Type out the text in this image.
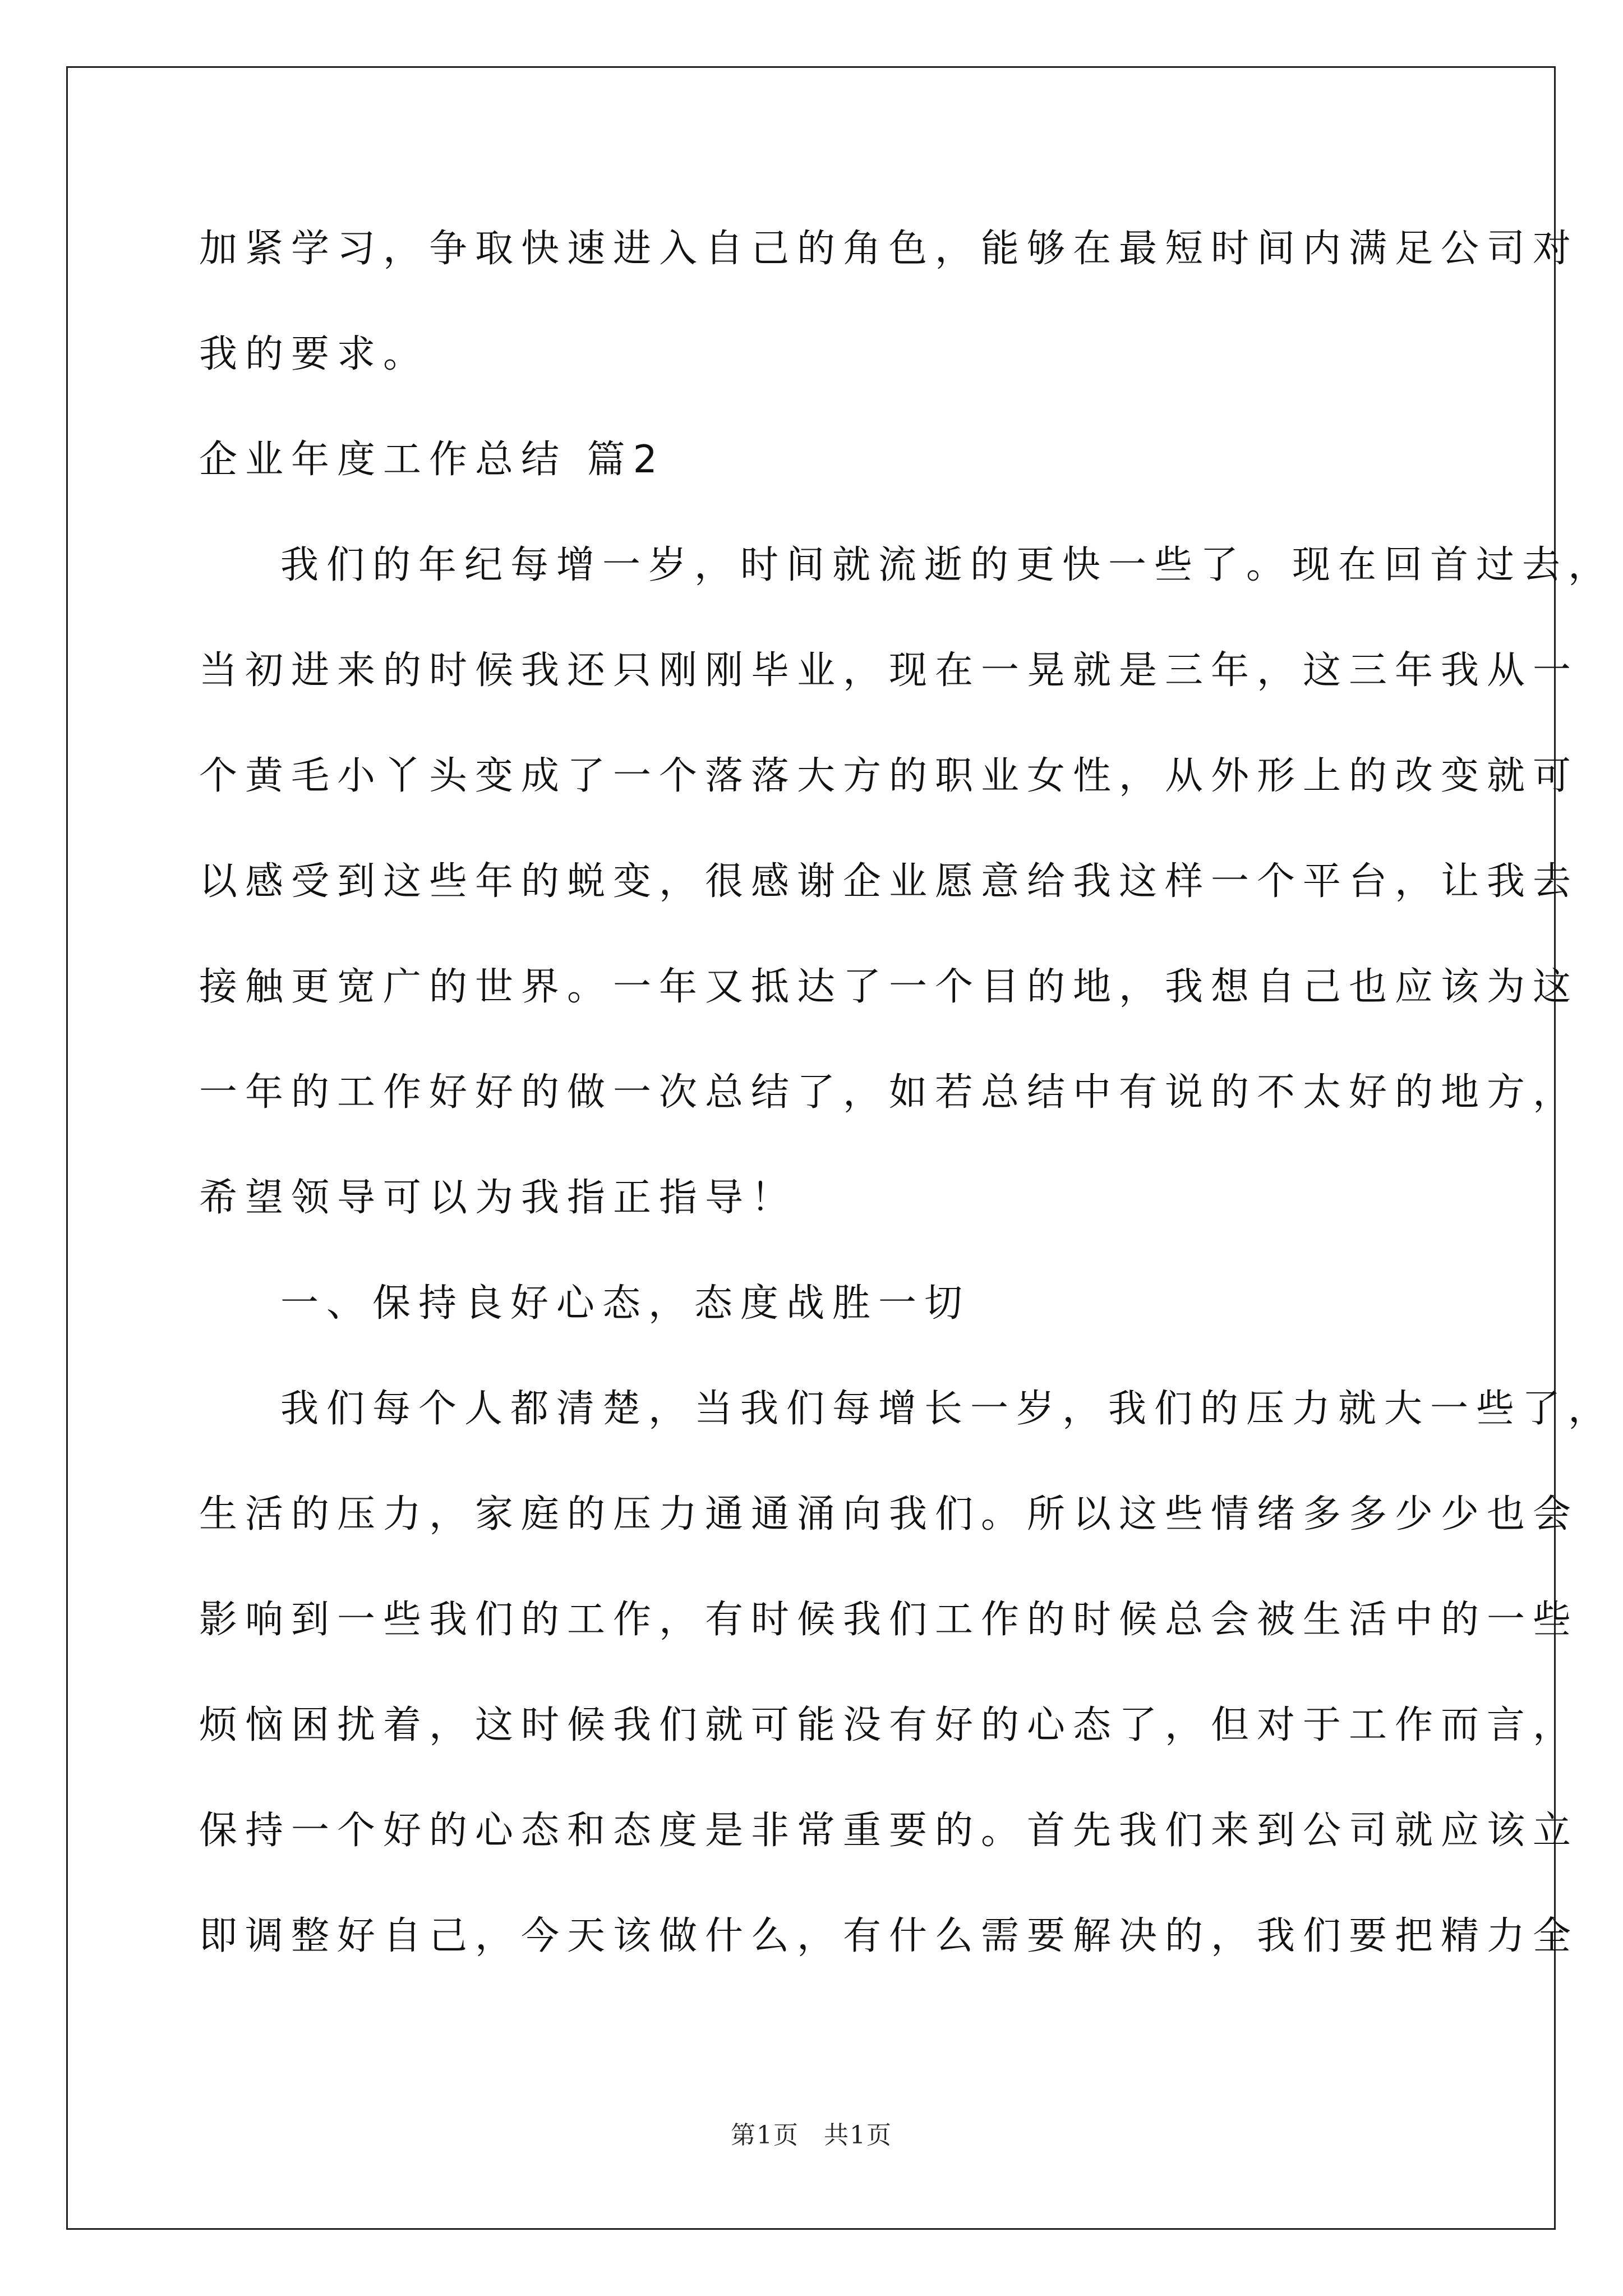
加紧学习，争取快速进入自己的角色，能够在最短时间内满足公司对
我的要求。
企业年度工作总结 篇2
我们的年纪每增一岁，时间就流逝的更快一些了。现在回首过去，
当初进来的时候我还只刚刚毕业，现在一晃就是三年，这三年我从一
个黄毛小丫头变成了一个落落大方的职业女性，从外形上的改变就可
以感受到这些年的蜕变，很感谢企业愿意给我这样一个平台，让我去
接触更宽广的世界。一年又抵达了一个目的地，我想自己也应该为这
一年的工作好好的做一次总结了，如若总结中有说的不太好的地方，
希望领导可以为我指正指导！
一、保持良好心态，态度战胜一切
我们每个人都清楚，当我们每增长一岁，我们的压力就大一些了，
生活的压力，家庭的压力通通涌向我们。所以这些情绪多多少少也会
影响到一些我们的工作，有时候我们工作的时候总会被生活中的一些
烦恼困扰着，这时候我们就可能没有好的心态了，但对于工作而言，
保持一个好的心态和态度是非常重要的。首先我们来到公司就应该立
即调整好自己，今天该做什么，有什么需要解决的，我们要把精力全
第1页 共1页
